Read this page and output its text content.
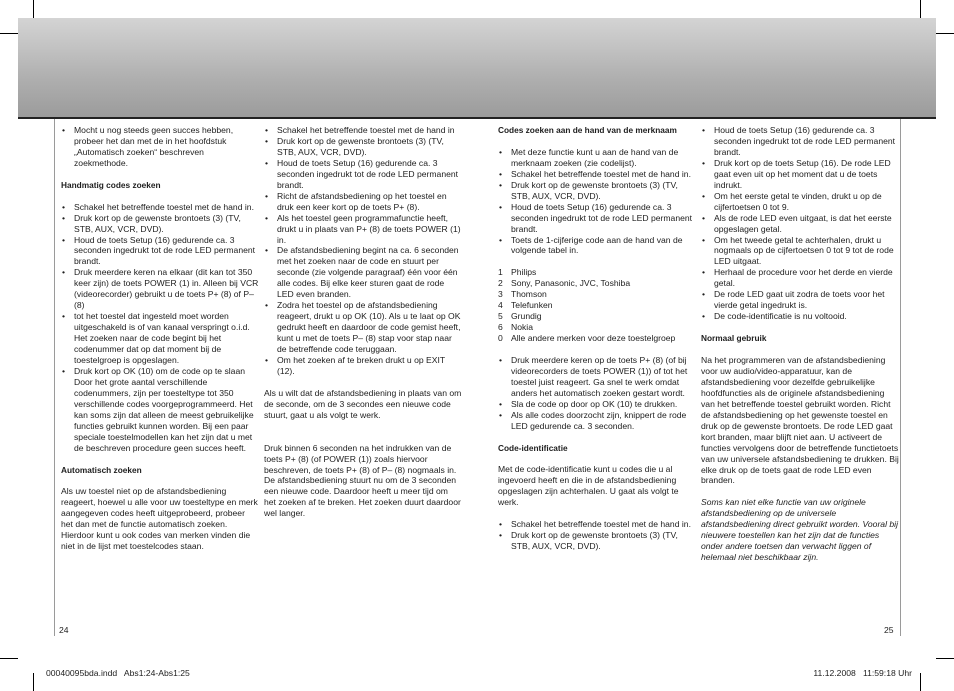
• Mocht u nog steeds geen succes hebben, probeer het dan met de in het hoofdstuk „Automatisch zoeken“ beschreven zoekmethode.

Handmatig codes zoeken

• Schakel het betreffende toestel met de hand in.

• Druk kort op de gewenste brontoets (3) (TV, STB, AUX, VCR, DVD).

• Houd de toets Setup (16) gedurende ca. 3 seconden ingedrukt tot de rode LED permanent brandt.

• Druk meerdere keren na elkaar (dit kan tot 350 keer zijn) de toets POWER (1) in. Alleen bij VCR (videorecorder) gebruikt u de toets P+ (8) of P– (8)

• tot het toestel dat ingesteld moet worden uitgeschakeld is of van kanaal verspringt o.i.d. Het zoeken naar de code begint bij het codenummer dat op dat moment bij de toestelgroep is opgeslagen.

• Druk kort op OK (10) om de code op te slaan Door het grote aantal verschillende codenummers, zijn per toesteltype tot 350 verschillende codes voorgeprogrammeerd. Het kan soms zijn dat alleen de meest gebruikelijke functies gebruikt kunnen worden. Bij een paar speciale toestelmodellen kan het zijn dat u met de beschreven procedure geen succes heeft.

Automatisch zoeken

Als uw toestel niet op de afstandsbediening reageert, hoewel u alle voor uw toesteltype en merk aangegeven codes heeft uitgeprobeerd, probeer het dan met de functie automatisch zoeken. Hierdoor kunt u ook codes van merken vinden die niet in de lijst met toestelcodes staan.

• Schakel het betreffende toestel met de hand in

• Druk kort op de gewenste brontoets (3) (TV, STB, AUX, VCR, DVD).

• Houd de toets Setup (16) gedurende ca. 3 seconden ingedrukt tot de rode LED permanent brandt.

• Richt de afstandsbediening op het toestel en druk een keer kort op de toets P+ (8).

• Als het toestel geen programmafunctie heeft, drukt u in plaats van P+ (8) de toets POWER (1) in.

• De afstandsbediening begint na ca. 6 seconden met het zoeken naar de code en stuurt per seconde (zie volgende paragraaf) één voor één alle codes. Bij elke keer sturen gaat de rode LED even branden.

• Zodra het toestel op de afstandsbediening reageert, drukt u op OK (10). Als u te laat op OK gedrukt heeft en daardoor de code gemist heeft, kunt u met de toets P– (8) stap voor stap naar de betreffende code teruggaan.

• Om het zoeken af te breken drukt u op EXIT (12).

Als u wilt dat de afstandsbediening in plaats van om de seconde, om de 3 secondes een nieuwe code stuurt, gaat u als volgt te werk.

Druk binnen 6 seconden na het indrukken van de toets P+ (8) (of POWER (1)) zoals hiervoor beschreven, de toets P+ (8) of P– (8) nogmaals in. De afstandsbediening stuurt nu om de 3 seconden een nieuwe code. Daardoor heeft u meer tijd om het zoeken af te breken. Het zoeken duurt daardoor wel langer.

Codes zoeken aan de hand van de merknaam

• Met deze functie kunt u aan de hand van de merknaam zoeken (zie codelijst).

• Schakel het betreffende toestel met de hand in.

• Druk kort op de gewenste brontoets (3) (TV, STB, AUX, VCR, DVD).

• Houd de toets Setup (16) gedurende ca. 3 seconden ingedrukt tot de rode LED permanent brandt.

• Toets de 1-cijferige code aan de hand van de volgende tabel in.

1 Philips

2 Sony, Panasonic, JVC, Toshiba

3 Thomson

4 Telefunken

5 Grundig

6 Nokia

0 Alle andere merken voor deze toestelgroep

• Druk meerdere keren op de toets P+ (8) (of bij videorecorders de toets POWER (1)) of tot het toestel juist reageert. Ga snel te werk omdat anders het automatisch zoeken gestart wordt.

• Sla de code op door op OK (10) te drukken.

• Als alle codes doorzocht zijn, knippert de rode LED gedurende ca. 3 seconden.

Code-identificatie

Met de code-identificatie kunt u codes die u al ingevoerd heeft en die in de afstandsbediening opgeslagen zijn achterhalen. U gaat als volgt te werk.

• Schakel het betreffende toestel met de hand in.

• Druk kort op de gewenste brontoets (3) (TV, STB, AUX, VCR, DVD).

• Houd de toets Setup (16) gedurende ca. 3 seconden ingedrukt tot de rode LED permanent brandt.

• Druk kort op de toets Setup (16). De rode LED gaat even uit op het moment dat u de toets indrukt.

• Om het eerste getal te vinden, drukt u op de cijfertoetsen 0 tot 9.

• Als de rode LED even uitgaat, is dat het eerste opgeslagen getal.

• Om het tweede getal te achterhalen, drukt u nogmaals op de cijfertoetsen 0 tot 9 tot de rode LED uitgaat.

• Herhaal de procedure voor het derde en vierde getal.

• De rode LED gaat uit zodra de toets voor het vierde getal ingedrukt is.

• De code-identificatie is nu voltooid.

Normaal gebruik

Na het programmeren van de afstandsbediening voor uw audio/video-apparatuur, kan de afstandsbediening voor dezelfde gebruikelijke hoofdfuncties als de originele afstandsbediening van het betreffende toestel gebruikt worden. Richt de afstandsbediening op het gewenste toestel en druk op de gewenste brontoets. De rode LED gaat kort branden, maar blijft niet aan. U activeert de functies vervolgens door de betreffende functietoets van uw universele afstandsbediening te drukken. Bij elke druk op de toets gaat de rode LED even branden.

Soms kan niet elke functie van uw originele afstandsbediening op de universele afstandsbediening direct gebruikt worden. Vooral bij nieuwere toestellen kan het zijn dat de functies onder andere toetsen dan verwacht liggen of helemaal niet beschikbaar zijn.

24	25
00040095bda.indd   Abs1:24-Abs1:25	11.12.2008   11:59:18 Uhr
